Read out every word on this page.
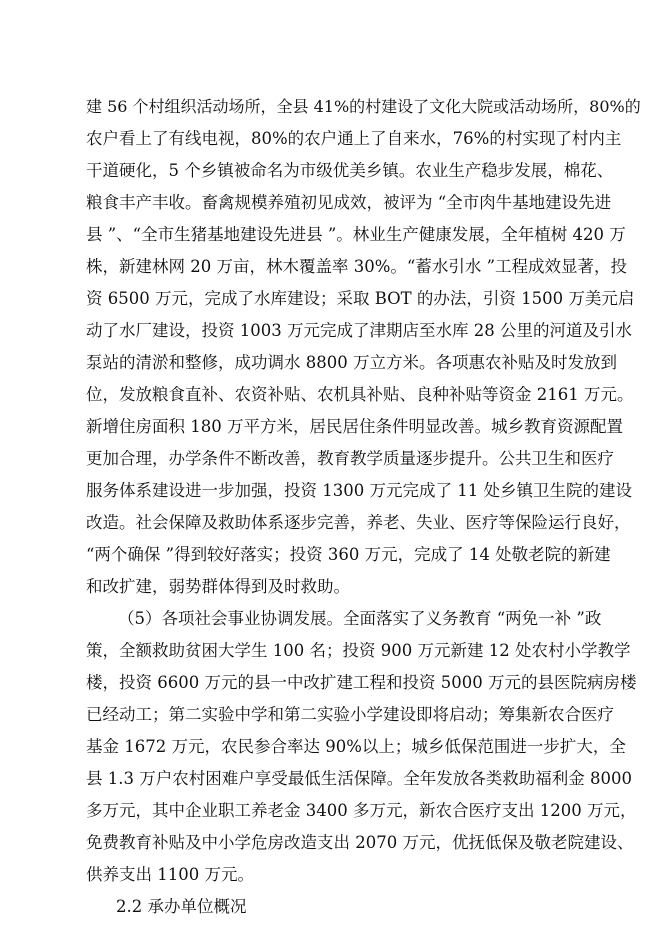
建 56 个村组织活动场所，全县 41%的村建设了文化大院或活动场所，80%的
农户看上了有线电视，80%的农户通上了自来水，76%的村实现了村内主
干道硬化，5 个乡镇被命名为市级优美乡镇。农业生产稳步发展，棉花、
粮食丰产丰收。畜禽规模养殖初见成效，被评为 “全市肉牛基地建设先进
县 ”、“全市生猪基地建设先进县 ”。林业生产健康发展，全年植树 420 万
株，新建林网 20 万亩，林木覆盖率 30%。“蓄水引水 ”工程成效显著，投
资 6500 万元，完成了水库建设；采取 BOT 的办法，引资 1500 万美元启
动了水厂建设，投资 1003 万元完成了津期店至水库 28 公里的河道及引水
泵站的清淤和整修，成功调水 8800 万立方米。各项惠农补贴及时发放到
位，发放粮食直补、农资补贴、农机具补贴、良种补贴等资金 2161 万元。
新增住房面积 180 万平方米，居民居住条件明显改善。城乡教育资源配置
更加合理，办学条件不断改善，教育教学质量逐步提升。公共卫生和医疗
服务体系建设进一步加强，投资 1300 万元完成了 11 处乡镇卫生院的建设
改造。社会保障及救助体系逐步完善，养老、失业、医疗等保险运行良好，
“两个确保 ”得到较好落实；投资 360 万元，完成了 14 处敬老院的新建
和改扩建，弱势群体得到及时救助。
（5）各项社会事业协调发展。全面落实了义务教育 “两免一补 ”政
策，全额救助贫困大学生 100 名；投资 900 万元新建 12 处农村小学教学
楼，投资 6600 万元的县一中改扩建工程和投资 5000 万元的县医院病房楼
已经动工；第二实验中学和第二实验小学建设即将启动；筹集新农合医疗
基金 1672 万元，农民参合率达 90%以上；城乡低保范围进一步扩大，全
县 1.3 万户农村困难户享受最低生活保障。全年发放各类救助福利金 8000
多万元，其中企业职工养老金 3400 多万元，新农合医疗支出 1200 万元，
免费教育补贴及中小学危房改造支出 2070 万元，优抚低保及敬老院建设、
供养支出 1100 万元。
2.2 承办单位概况
